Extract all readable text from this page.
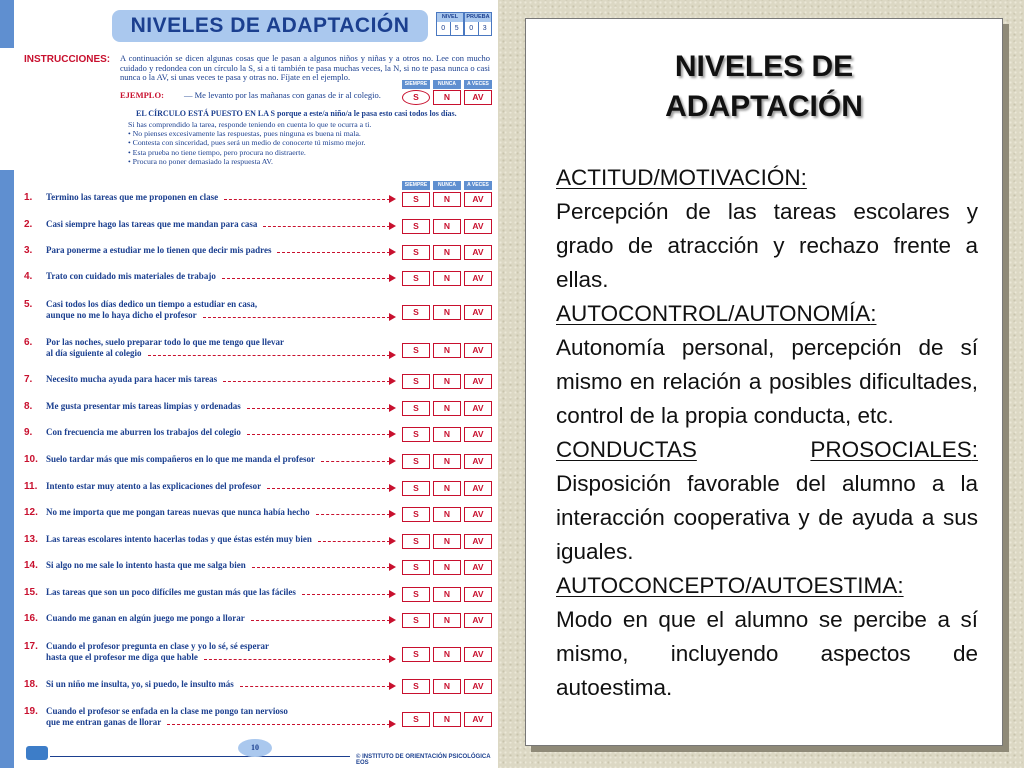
NIVELES DE ADAPTACIÓN	NIVEL
0	5
PRUEBA
0	3
INSTRUCCIONES: A continuación se dicen algunas cosas que le pasan a algunos niños y niñas y a otros no. Lee con mucho cuidado y redondea con un círculo la S, si a ti también te pasa muchas veces, la N, si no te pasa nunca o casi nunca o la AV, si unas veces te pasa y otras no. Fíjate en el ejemplo.
EJEMPLO: — Me levanto por las mañanas con ganas de ir al colegio.
SIEMPRE	NUNCA	A VECES
S	N	AV
EL CÍRCULO ESTÁ PUESTO EN LA S porque a este/a niño/a le pasa esto casi todos los días.
Si has comprendido la tarea, responde teniendo en cuenta lo que te ocurra a ti.
• No pienses excesivamente las respuestas, pues ninguna es buena ni mala.
• Contesta con sinceridad, pues será un medio de conocerte tú mismo mejor.
• Esta prueba no tiene tiempo, pero procura no distraerte.
• Procura no poner demasiado la respuesta AV.
SIEMPRE	NUNCA	A VECES
1. Termino las tareas que me proponen en clase	S	N	AV
2. Casi siempre hago las tareas que me mandan para casa	S	N	AV
3. Para ponerme a estudiar me lo tienen que decir mis padres	S	N	AV
4. Trato con cuidado mis materiales de trabajo	S	N	AV
5. Casi todos los días dedico un tiempo a estudiar en casa,
aunque no me lo haya dicho el profesor	S	N	AV
6. Por las noches, suelo preparar todo lo que me tengo que llevar
al día siguiente al colegio	S	N	AV
7. Necesito mucha ayuda para hacer mis tareas	S	N	AV
8. Me gusta presentar mis tareas limpias y ordenadas	S	N	AV
9. Con frecuencia me aburren los trabajos del colegio	S	N	AV
10. Suelo tardar más que mis compañeros en lo que me manda el profesor	S	N	AV
11. Intento estar muy atento a las explicaciones del profesor	S	N	AV
12. No me importa que me pongan tareas nuevas que nunca había hecho	S	N	AV
13. Las tareas escolares intento hacerlas todas y que éstas estén muy bien	S	N	AV
14. Si algo no me sale lo intento hasta que me salga bien	S	N	AV
15. Las tareas que son un poco difíciles me gustan más que las fáciles	S	N	AV
16. Cuando me ganan en algún juego me pongo a llorar	S	N	AV
17. Cuando el profesor pregunta en clase y yo lo sé, sé esperar
hasta que el profesor me diga que hable	S	N	AV
18. Si un niño me insulta, yo, si puedo, le insulto más	S	N	AV
19. Cuando el profesor se enfada en la clase me pongo tan nervioso
que me entran ganas de llorar	S	N	AV
10
© INSTITUTO DE ORIENTACIÓN PSICOLÓGICA EOS
NIVELES DE
ADAPTACIÓN
ACTITUD/MOTIVACIÓN:

Percepción de las tareas escolares y grado de atracción y rechazo frente a ellas.

AUTOCONTROL/AUTONOMÍA:

Autonomía personal, percepción de sí mismo en relación a posibles dificultades, control de la propia conducta, etc.

CONDUCTAS	PROSOCIALES:

Disposición favorable del alumno a la interacción cooperativa y de ayuda a sus iguales.

AUTOCONCEPTO/AUTOESTIMA:

Modo en que el alumno se percibe a sí mismo, incluyendo aspectos de autoestima.
